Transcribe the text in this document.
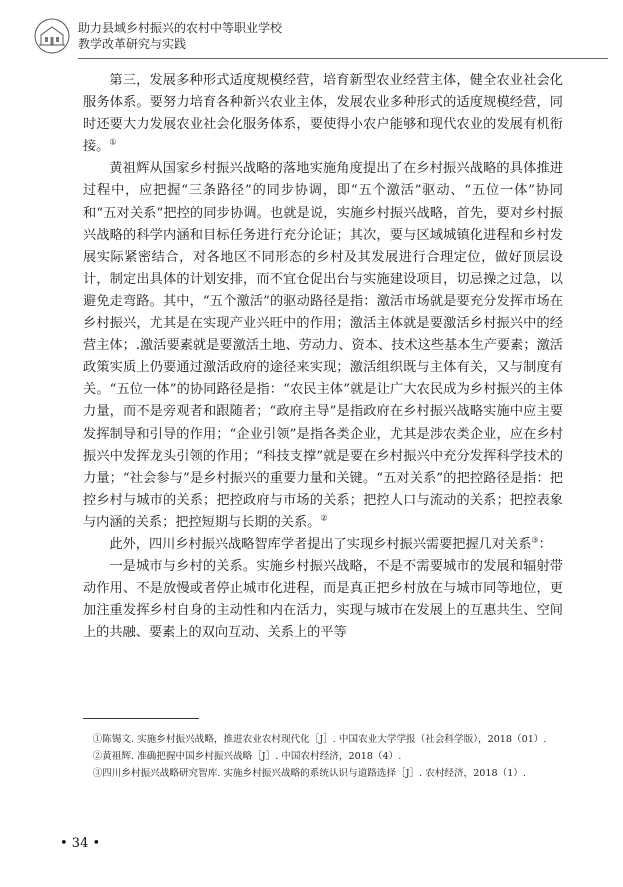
助力县域乡村振兴的农村中等职业学校
教学改革研究与实践

第三，发展多种形式适度规模经营，培育新型农业经营主体，健全农业社会化服务体系。要努力培育各种新兴农业主体，发展农业多种形式的适度规模经营，同时还要大力发展农业社会化服务体系，要使得小农户能够和现代农业的发展有机衔接。①

黄祖辉从国家乡村振兴战略的落地实施角度提出了在乡村振兴战略的具体推进过程中，应把握“三条路径”的同步协调，即“五个激活”驱动、“五位一体”协同和“五对关系”把控的同步协调。也就是说，实施乡村振兴战略，首先，要对乡村振兴战略的科学内涵和目标任务进行充分论证；其次，要与区域城镇化进程和乡村发展实际紧密结合，对各地区不同形态的乡村及其发展进行合理定位，做好顶层设计，制定出具体的计划安排，而不宜仓促出台与实施建设项目，切忌操之过急，以避免走弯路。其中，“五个激活”的驱动路径是指：激活市场就是要充分发挥市场在乡村振兴，尤其是在实现产业兴旺中的作用；激活主体就是要激活乡村振兴中的经营主体；.激活要素就是要激活土地、劳动力、资本、技术这些基本生产要素；激活政策实质上仍要通过激活政府的途径来实现；激活组织既与主体有关，又与制度有关。“五位一体”的协同路径是指：“农民主体”就是让广大农民成为乡村振兴的主体力量，而不是旁观者和跟随者；“政府主导”是指政府在乡村振兴战略实施中应主要发挥制导和引导的作用；“企业引领”是指各类企业，尤其是涉农类企业，应在乡村振兴中发挥龙头引领的作用；“科技支撑”就是要在乡村振兴中充分发挥科学技术的力量；“社会参与”是乡村振兴的重要力量和关键。“五对关系”的把控路径是指：把控乡村与城市的关系；把控政府与市场的关系；把控人口与流动的关系；把控表象与内涵的关系；把控短期与长期的关系。②

此外，四川乡村振兴战略智库学者提出了实现乡村振兴需要把握几对关系③：

一是城市与乡村的关系。实施乡村振兴战略，不是不需要城市的发展和辐射带动作用、不是放慢或者停止城市化进程，而是真正把乡村放在与城市同等地位，更加注重发挥乡村自身的主动性和内在活力，实现与城市在发展上的互惠共生、空间上的共融、要素上的双向互动、关系上的平等

①陈锡文. 实施乡村振兴战略，推进农业农村现代化［J］. 中国农业大学学报（社会科学版），2018（01）.

②黄祖辉. 准确把握中国乡村振兴战略［J］. 中国农村经济，2018（4）.

③四川乡村振兴战略研究智库. 实施乡村振兴战略的系统认识与道路选择［J］. 农村经济，2018（1）.

• 34 •
